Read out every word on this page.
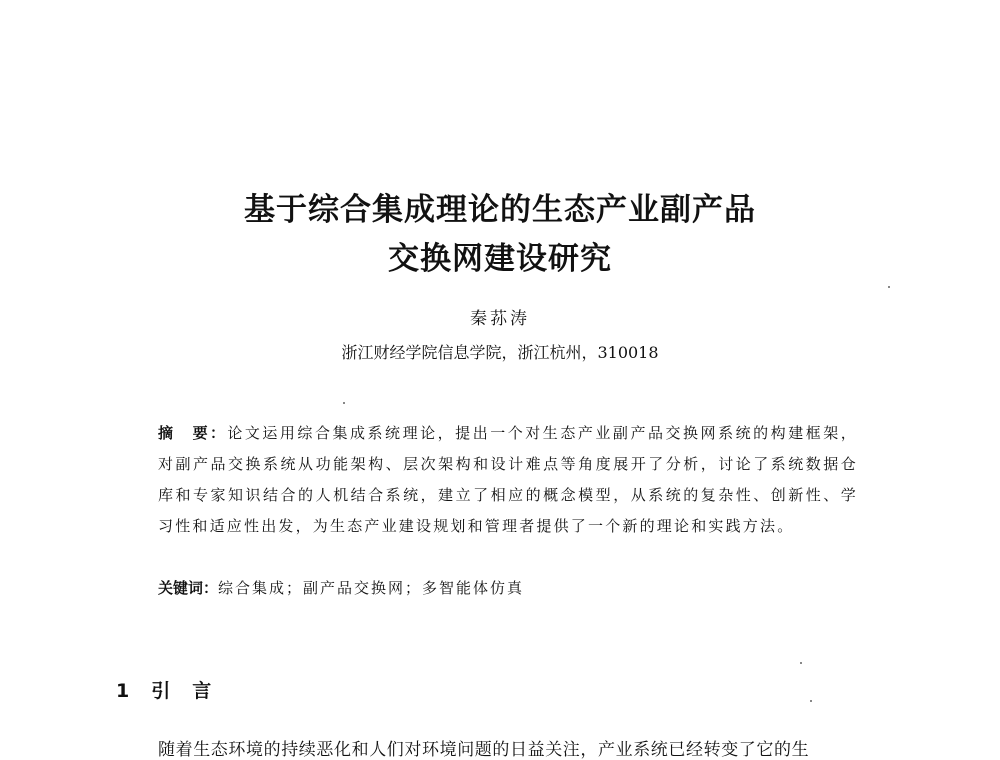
基于综合集成理论的生态产业副产品
交换网建设研究
秦荪涛
浙江财经学院信息学院，浙江杭州，310018
摘　要：论文运用综合集成系统理论，提出一个对生态产业副产品交换网系统的构建框架，对副产品交换系统从功能架构、层次架构和设计难点等角度展开了分析，讨论了系统数据仓库和专家知识结合的人机结合系统，建立了相应的概念模型，从系统的复杂性、创新性、学习性和适应性出发，为生态产业建设规划和管理者提供了一个新的理论和实践方法。
关键词：综合集成；副产品交换网；多智能体仿真
1 引言
随着生态环境的持续恶化和人们对环境问题的日益关注，产业系统已经转变了它的生
